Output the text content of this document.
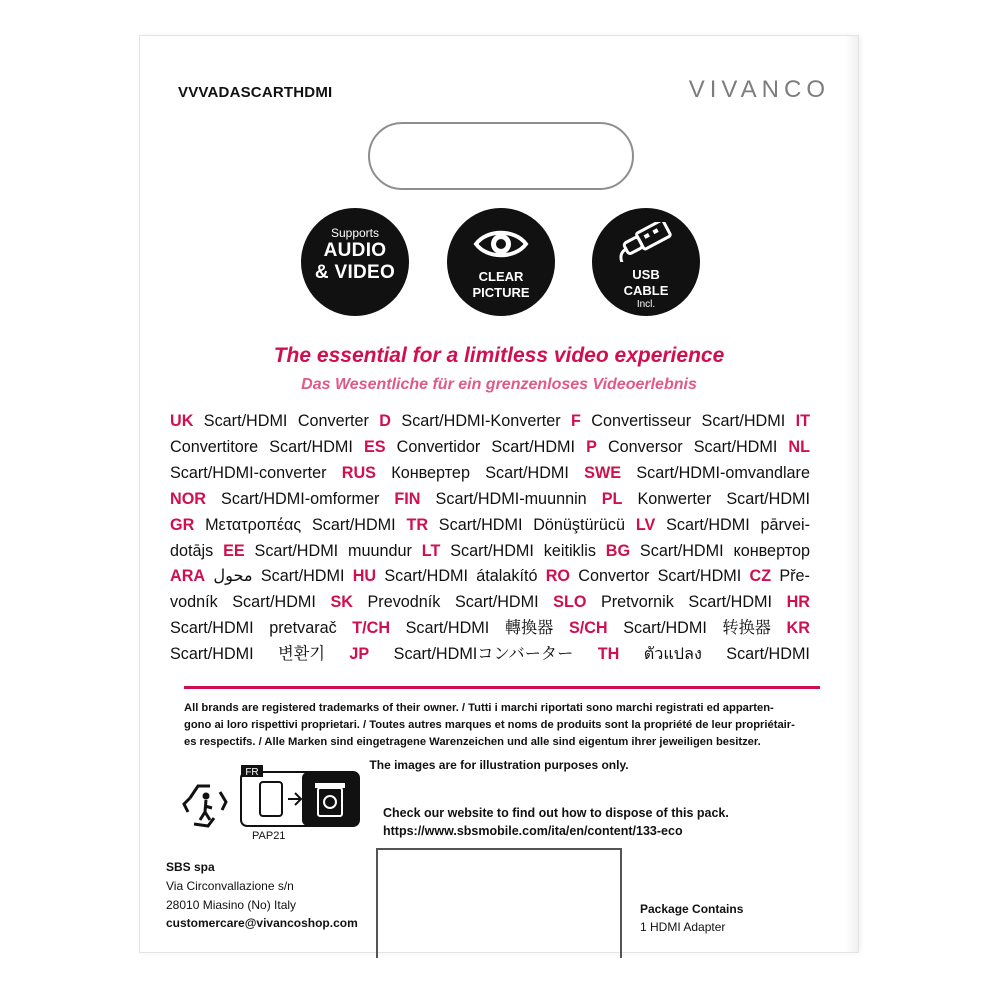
VVVADASCARTHDMI	VIVANCO
Supports
AUDIO
& VIDEO	CLEAR
PICTURE
USB
CABLE
Incl.
The essential for a limitless video experience
Das Wesentliche für ein grenzenloses Videoerlebnis
UK Scart/HDMI Converter D Scart/HDMI-Konverter F Convertisseur Scart/HDMI IT
Convertitore Scart/HDMI ES Convertidor Scart/HDMI P Conversor Scart/HDMI NL
Scart/HDMI-converter RUS Конвертер Scart/HDMI SWE Scart/HDMI-omvandlare
NOR Scart/HDMI-omformer FIN Scart/HDMI-muunnin PL Konwerter Scart/HDMI
GR Μετατροπέας Scart/HDMI TR Scart/HDMI Dönüştürücü LV Scart/HDMI pārvei-
dotājs EE Scart/HDMI muundur LT Scart/HDMI keitiklis BG Scart/HDMI конвертор
ARA محول Scart/HDMI HU Scart/HDMI átalakító RO Convertor Scart/HDMI CZ Pře-
vodník Scart/HDMI SK Prevodník Scart/HDMI SLO Pretvornik Scart/HDMI HR
Scart/HDMI pretvarač T/CH Scart/HDMI 轉換器 S/CH Scart/HDMI 转换器 KR
Scart/HDMI 변환기 JP Scart/HDMIコンバーター TH ตัวแปลง Scart/HDMI
All brands are registered trademarks of their owner. / Tutti i marchi riportati sono marchi registrati ed apparten-
gono ai loro rispettivi proprietari. / Toutes autres marques et noms de produits sont la propriété de leur propriétair-
es respectifs. / Alle Marken sind eingetragene Warenzeichen und alle sind eigentum ihrer jeweiligen besitzer.
The images are for illustration purposes only.
FR
PAP21
Check our website to find out how to dispose of this pack.
https://www.sbsmobile.com/ita/en/content/133-eco
SBS spa
Via Circonvallazione s/n
28010 Miasino (No) Italy
customercare@vivancoshop.com
Package Contains
1 HDMI Adapter
